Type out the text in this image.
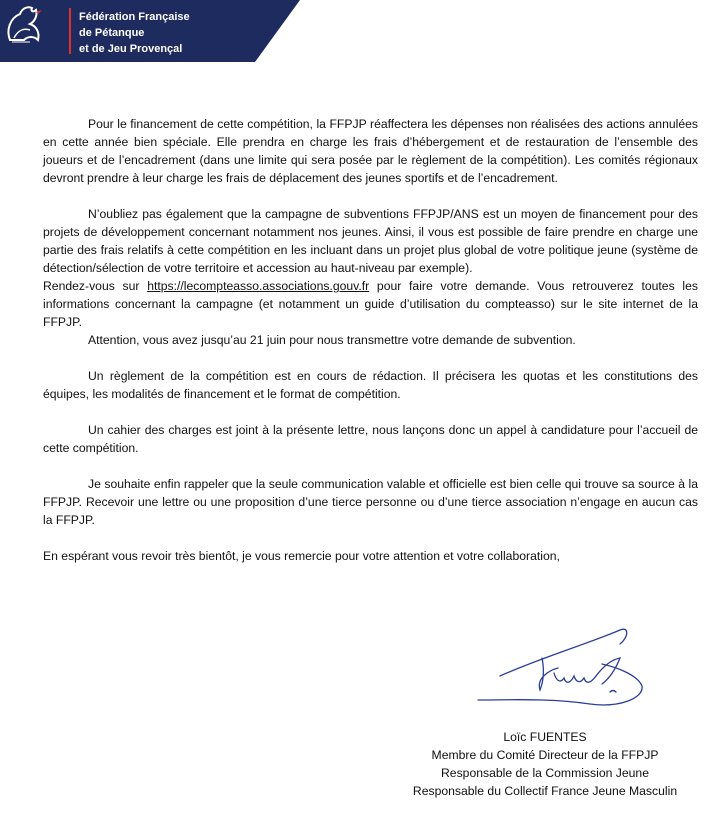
Fédération Française
de Pétanque
et de Jeu Provençal

Pour le financement de cette compétition, la FFPJP réaffectera les dépenses non réalisées des actions annulées en cette année bien spéciale. Elle prendra en charge les frais d’hébergement et de restauration de l’ensemble des joueurs et de l’encadrement (dans une limite qui sera posée par le règlement de la compétition). Les comités régionaux devront prendre à leur charge les frais de déplacement des jeunes sportifs et de l’encadrement.

N’oubliez pas également que la campagne de subventions FFPJP/ANS est un moyen de financement pour des projets de développement concernant notamment nos jeunes. Ainsi, il vous est possible de faire prendre en charge une partie des frais relatifs à cette compétition en les incluant dans un projet plus global de votre politique jeune (système de détection/sélection de votre territoire et accession au haut-niveau par exemple).

Rendez-vous sur https://lecompteasso.associations.gouv.fr pour faire votre demande. Vous retrouverez toutes les informations concernant la campagne (et notamment un guide d’utilisation du compteasso) sur le site internet de la FFPJP.

Attention, vous avez jusqu’au 21 juin pour nous transmettre votre demande de subvention.

Un règlement de la compétition est en cours de rédaction. Il précisera les quotas et les constitutions des équipes, les modalités de financement et le format de compétition.

Un cahier des charges est joint à la présente lettre, nous lançons donc un appel à candidature pour l’accueil de cette compétition.

Je souhaite enfin rappeler que la seule communication valable et officielle est bien celle qui trouve sa source à la FFPJP. Recevoir une lettre ou une proposition d’une tierce personne ou d’une tierce association n’engage en aucun cas la FFPJP.

En espérant vous revoir très bientôt, je vous remercie pour votre attention et votre collaboration,

Loïc FUENTES
Membre du Comité Directeur de la FFPJP
Responsable de la Commission Jeune
Responsable du Collectif France Jeune Masculin
